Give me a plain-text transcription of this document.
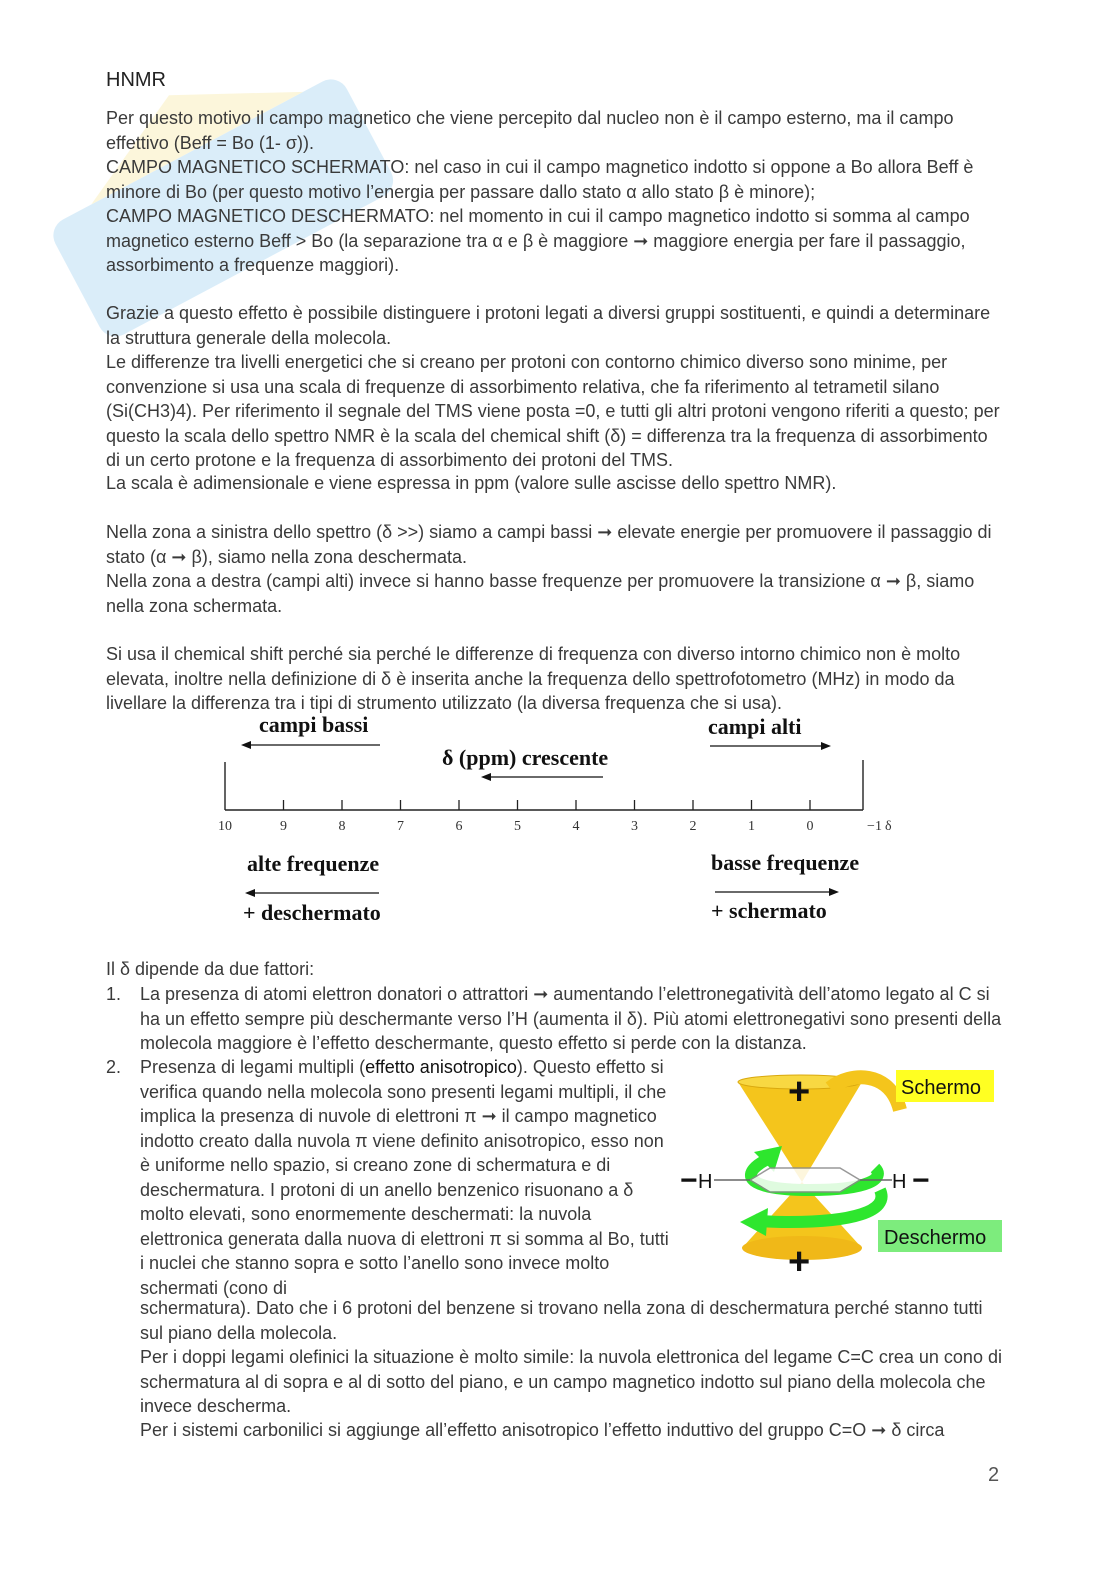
HNMR

Per questo motivo il campo magnetico che viene percepito dal nucleo non è il campo esterno, ma il campo effettivo (Beff = Bo (1- σ)).

CAMPO MAGNETICO SCHERMATO: nel caso in cui il campo magnetico indotto si oppone a Bo allora Beff è minore di Bo (per questo motivo l’energia per passare dallo stato α allo stato β è minore);

CAMPO MAGNETICO DESCHERMATO: nel momento in cui il campo magnetico indotto si somma al campo magnetico esterno Beff > Bo (la separazione tra α e β è maggiore ➞ maggiore energia per fare il passaggio, assorbimento a frequenze maggiori).

Grazie a questo effetto è possibile distinguere i protoni legati a diversi gruppi sostituenti, e quindi a determinare la struttura generale della molecola.

Le differenze tra livelli energetici che si creano per protoni con contorno chimico diverso sono minime, per convenzione si usa una scala di frequenze di assorbimento relativa, che fa riferimento al tetrametil silano (Si(CH3)4). Per riferimento il segnale del TMS viene posta =0, e tutti gli altri protoni vengono riferiti a questo; per questo la scala dello spettro NMR è la scala del chemical shift (δ) = differenza tra la frequenza di assorbimento di un certo protone e la frequenza di assorbimento dei protoni del TMS.

La scala è adimensionale e viene espressa in ppm (valore sulle ascisse dello spettro NMR).

Nella zona a sinistra dello spettro (δ >>) siamo a campi bassi ➞ elevate energie per promuovere il passaggio di stato (α ➞ β), siamo nella zona deschermata.

Nella zona a destra (campi alti) invece si hanno basse frequenze per promuovere la transizione α ➞ β, siamo nella zona schermata.

Si usa il chemical shift perché sia perché le differenze di frequenza con diverso intorno chimico non è molto elevata, inoltre nella definizione di δ è inserita anche la frequenza dello spettrofotometro (MHz) in modo da livellare la differenza tra i tipi di strumento utilizzato (la diversa frequenza che si usa).

campi bassi	campi alti
δ (ppm) crescente
10	9	8	7	6	5	4	3	2	1	0	−1 δ
alte frequenze
+ deschermato
basse frequenze
+ schermato

Il δ dipende da due fattori:

1. La presenza di atomi elettron donatori o attrattori ➞ aumentando l’elettronegatività dell’atomo legato al C si ha un effetto sempre più deschermante verso l’H (aumenta il δ). Più atomi elettronegativi sono presenti della molecola maggiore è l’effetto deschermante, questo effetto si perde con la distanza.
2. Presenza di legami multipli (effetto anisotropico). Questo effetto si verifica quando nella molecola sono presenti legami multipli, il che implica la presenza di nuvole di elettroni π ➞ il campo magnetico indotto creato dalla nuvola π viene definito anisotropico, esso non è uniforme nello spazio, si creano zone di schermatura e di deschermatura. I protoni di un anello benzenico risuonano a δ molto elevati, sono enormemente deschermati: la nuvola elettronica generata dalla nuova di elettroni π si somma al Bo, tutti i nuclei che stanno sopra e sotto l’anello sono invece molto schermati (cono di
schermatura). Dato che i 6 protoni del benzene si trovano nella zona di deschermatura perché stanno tutti sul piano della molecola.
Per i doppi legami olefinici la situazione è molto simile: la nuvola elettronica del legame C=C crea un cono di schermatura al di sopra e al di sotto del piano, e un campo magnetico indotto sul piano della molecola che invece descherma.
Per i sistemi carbonilici si aggiunge all’effetto anisotropico l’effetto induttivo del gruppo C=O ➞ δ circa
+
+
Schermo
Deschermo
− H	H −
2
